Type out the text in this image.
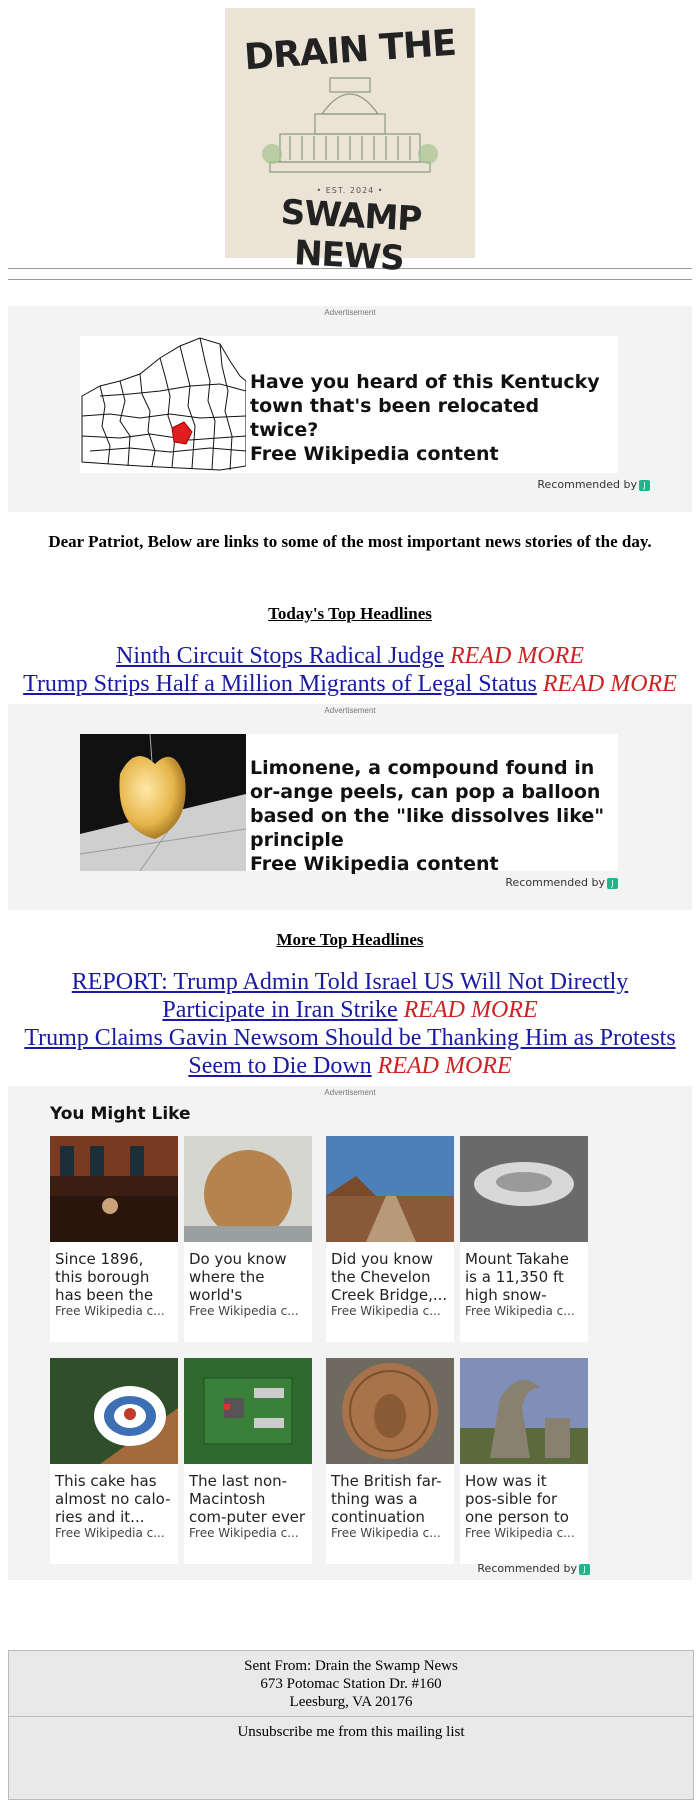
DRAIN THE
• EST. 2024 •
SWAMP NEWS
Advertisement
Have you heard of this Kentucky town that's been relocated twice?
Free Wikipedia content
Recommended by J
Dear Patriot, Below are links to some of the most important news stories of the day.
Today's Top Headlines
Ninth Circuit Stops Radical Judge READ MORE
Trump Strips Half a Million Migrants of Legal Status READ MORE
Advertisement
Limonene, a compound found in or-ange peels, can pop a balloon based on the "like dissolves like" principle
Free Wikipedia content
Recommended by J
More Top Headlines
REPORT: Trump Admin Told Israel US Will Not Directly Participate in Iran Strike READ MORE
Trump Claims Gavin Newsom Should be Thanking Him as Protests Seem to Die Down READ MORE
Advertisement
You Might Like
Since 1896, this borough has been the
Free Wikipedia c...
Do you know where the world's
Free Wikipedia c...
Did you know the Chevelon Creek Bridge,...
Free Wikipedia c...
Mount Takahe is a 11,350 ft high snow-
Free Wikipedia c...
This cake has almost no calo-ries and it...
Free Wikipedia c...
The last non-Macintosh com-puter ever
Free Wikipedia c...
The British far-thing was a continuation
Free Wikipedia c...
How was it pos-sible for one person to
Free Wikipedia c...
Recommended by J
Sent From: Drain the Swamp News
673 Potomac Station Dr. #160
Leesburg, VA 20176
Unsubscribe me from this mailing list
